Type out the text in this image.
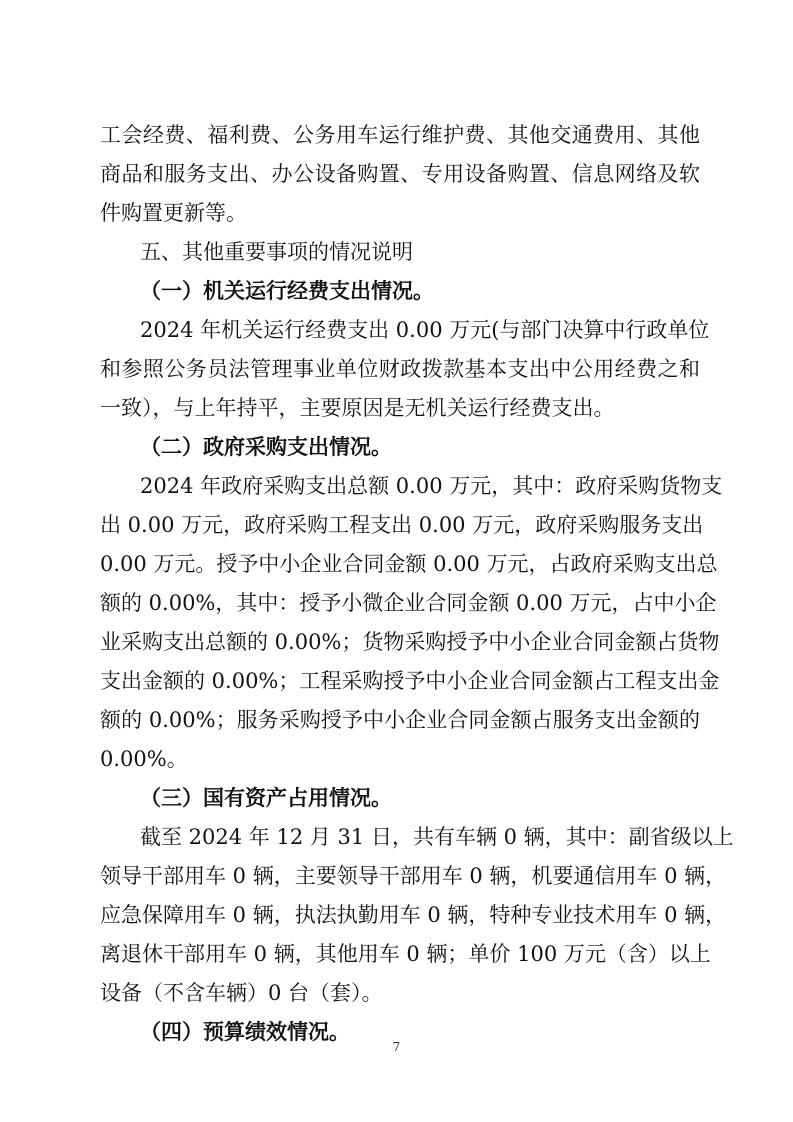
工会经费、福利费、公务用车运行维护费、其他交通费用、其他
商品和服务支出、办公设备购置、专用设备购置、信息网络及软
件购置更新等。
五、其他重要事项的情况说明
（一）机关运行经费支出情况。
2024 年机关运行经费支出 0.00 万元(与部门决算中行政单位
和参照公务员法管理事业单位财政拨款基本支出中公用经费之和
一致），与上年持平，主要原因是无机关运行经费支出。
（二）政府采购支出情况。
2024 年政府采购支出总额 0.00 万元，其中：政府采购货物支
出 0.00 万元，政府采购工程支出 0.00 万元，政府采购服务支出
0.00 万元。授予中小企业合同金额 0.00 万元，占政府采购支出总
额的 0.00%，其中：授予小微企业合同金额 0.00 万元，占中小企
业采购支出总额的 0.00%；货物采购授予中小企业合同金额占货物
支出金额的 0.00%；工程采购授予中小企业合同金额占工程支出金
额的 0.00%；服务采购授予中小企业合同金额占服务支出金额的
0.00%。
（三）国有资产占用情况。
截至 2024 年 12 月 31 日，共有车辆 0 辆，其中：副省级以上
领导干部用车 0 辆，主要领导干部用车 0 辆，机要通信用车 0 辆，
应急保障用车 0 辆，执法执勤用车 0 辆，特种专业技术用车 0 辆，
离退休干部用车 0 辆，其他用车 0 辆；单价 100 万元（含）以上
设备（不含车辆）0 台（套）。
（四）预算绩效情况。
7
